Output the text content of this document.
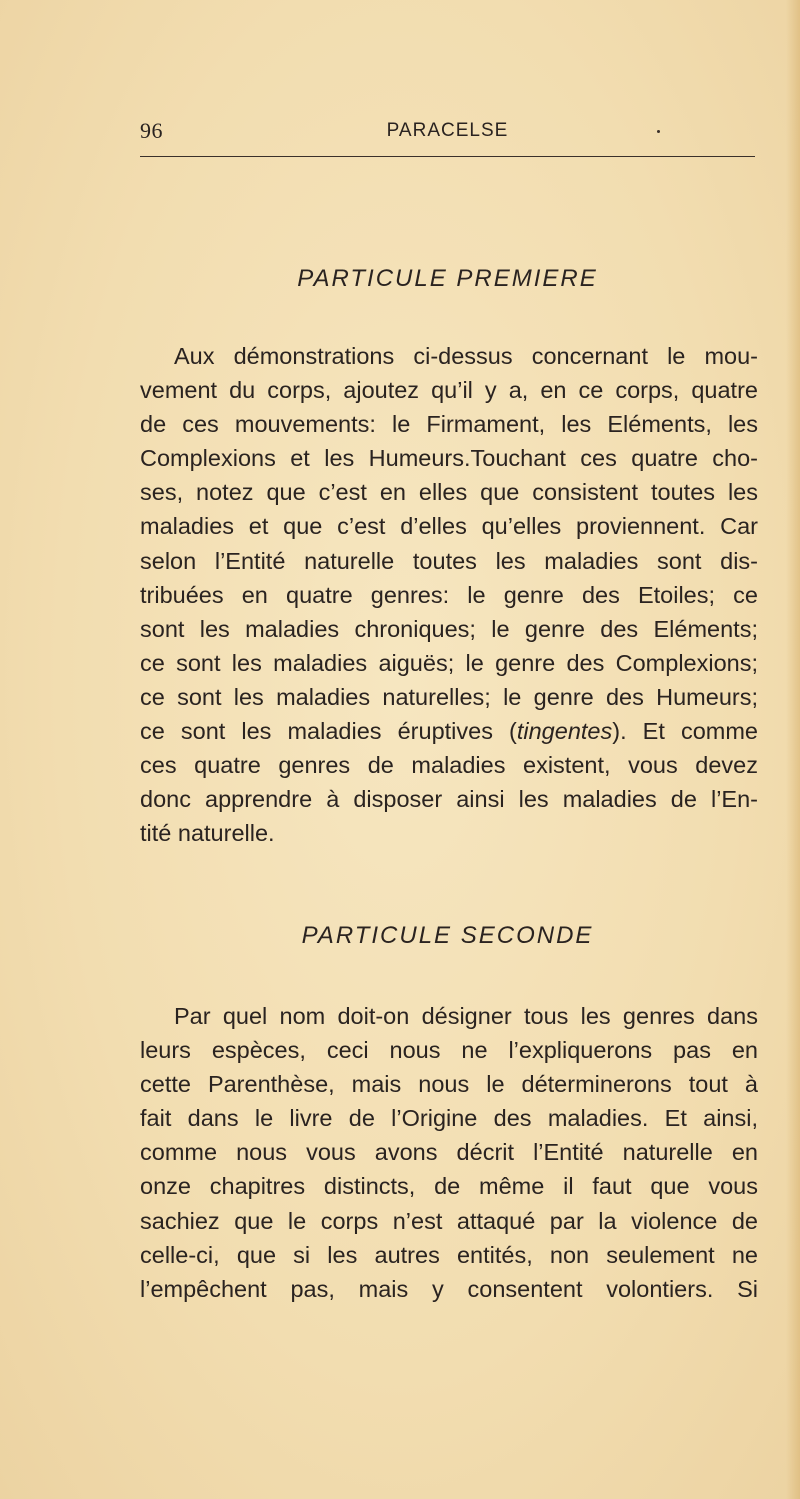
96	PARACELSE
PARTICULE PREMIERE

Aux démonstrations ci-dessus concernant le mou-
vement du corps, ajoutez qu’il y a, en ce corps, quatre
de ces mouvements: le Firmament, les Eléments, les
Complexions et les Humeurs.Touchant ces quatre cho-
ses, notez que c’est en elles que consistent toutes les
maladies et que c’est d’elles qu’elles proviennent. Car
selon l’Entité naturelle toutes les maladies sont dis-
tribuées en quatre genres: le genre des Etoiles; ce
sont les maladies chroniques; le genre des Eléments;
ce sont les maladies aiguës; le genre des Complexions;
ce sont les maladies naturelles; le genre des Humeurs;
ce sont les maladies éruptives (tingentes). Et comme
ces quatre genres de maladies existent, vous devez
donc apprendre à disposer ainsi les maladies de l’En-
tité naturelle.

PARTICULE SECONDE

Par quel nom doit-on désigner tous les genres dans
leurs espèces, ceci nous ne l’expliquerons pas en
cette Parenthèse, mais nous le déterminerons tout à
fait dans le livre de l’Origine des maladies. Et ainsi,
comme nous vous avons décrit l’Entité naturelle en
onze chapitres distincts, de même il faut que vous
sachiez que le corps n’est attaqué par la violence de
celle-ci, que si les autres entités, non seulement ne
l’empêchent pas, mais y consentent volontiers. Si
